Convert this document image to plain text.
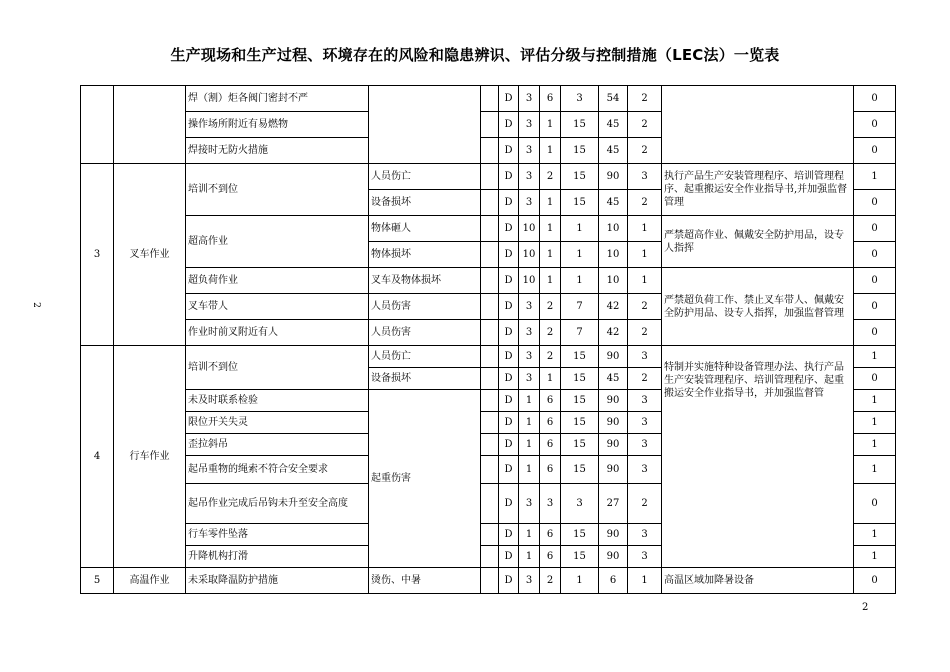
生产现场和生产过程、环境存在的风险和隐患辨识、评估分级与控制措施（LEC法）一览表
2
2
		焊（割）炬各阀门密封不严			D	3	6	3	54	2		0
		操作场所附近有易燃物			D	3	1	15	45	2		0
		焊接时无防火措施			D	3	1	15	45	2		0
3	叉车作业	培训不到位	人员伤亡		D	3	2	15	90	3	执行产品生产安装管理程序、培训管理程序、起重搬运安全作业指导书,并加强监督管理	1
			设备损坏		D	3	1	15	45	2		0
		超高作业	物体砸人		D	10	1	1	10	1	严禁超高作业、佩戴安全防护用品，设专人指挥	0
			物体损坏		D	10	1	1	10	1		0
		超负荷作业	叉车及物体损坏		D	10	1	1	10	1	严禁超负荷工作、禁止叉车带人、佩戴安全防护用品、设专人指挥，加强监督管理	0
		叉车带人	人员伤害		D	3	2	7	42	2		0
		作业时前叉附近有人	人员伤害		D	3	2	7	42	2		0
4	行车作业	培训不到位	人员伤亡		D	3	2	15	90	3	特制并实施特种设备管理办法、执行产品生产安装管理程序、培训管理程序、起重搬运安全作业指导书，并加强监督管	1
			设备损坏		D	3	1	15	45	2		0
		未及时联系检验	起重伤害		D	1	6	15	90	3		1
		限位开关失灵			D	1	6	15	90	3		1
		歪拉斜吊			D	1	6	15	90	3		1
		起吊重物的绳索不符合安全要求			D	1	6	15	90	3		1
		起吊作业完成后吊钩未升至安全高度			D	3	3	3	27	2		0
		行车零件坠落			D	1	6	15	90	3		1
		升降机构打滑			D	1	6	15	90	3		1
5	高温作业	未采取降温防护措施	烫伤、中暑		D	3	2	1	6	1	高温区域加降暑设备	0
